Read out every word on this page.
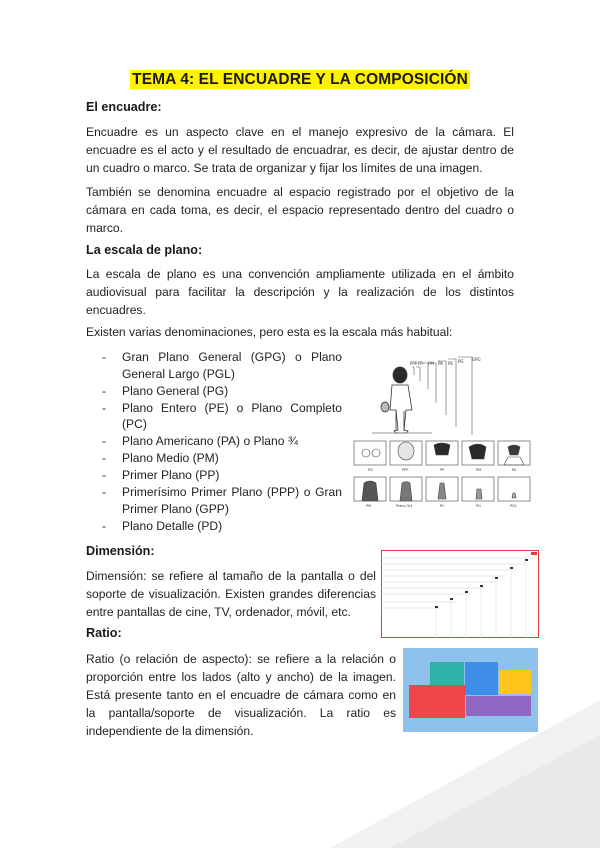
TEMA 4: EL ENCUADRE Y LA COMPOSICIÓN
El encuadre:

Encuadre es un aspecto clave en el manejo expresivo de la cámara. El encuadre es el acto y el resultado de encuadrar, es decir, de ajustar dentro de un cuadro o marco. Se trata de organizar y fijar los límites de una imagen.

También se denomina encuadre al espacio registrado por el objetivo de la cámara en cada toma, es decir, el espacio representado dentro del cuadro o marco.

La escala de plano:

La escala de plano es una convención ampliamente utilizada en el ámbito audiovisual para facilitar la descripción y la realización de los distintos encuadres.

Existen varias denominaciones, pero esta es la escala más habitual:

- Gran Plano General (GPG) o Plano General Largo (PGL)
- Plano General (PG)
- Plano Entero (PE) o Plano Completo (PC)
- Plano Americano (PA) o Plano ¾
- Plano Medio (PM)
- Primer Plano (PP)
- Primerísimo Primer Plano (PPP) o Gran Primer Plano (GPP)
- Plano Detalle (PD)
PPP PP PM PA PE PG GPG
PD	PPP	PP	PM	PA
PM	Plano 3/4	PC	PG	PGL
Dimensión:

Dimensión: se refiere al tamaño de la pantalla o del soporte de visualización. Existen grandes diferencias entre pantallas de cine, TV, ordenador, móvil, etc.

Ratio:

Ratio (o relación de aspecto): se refiere a la relación o proporción entre los lados (alto y ancho) de la imagen. Está presente tanto en el encuadre de cámara como en la pantalla/soporte de visualización. La ratio es independiente de la dimensión.
